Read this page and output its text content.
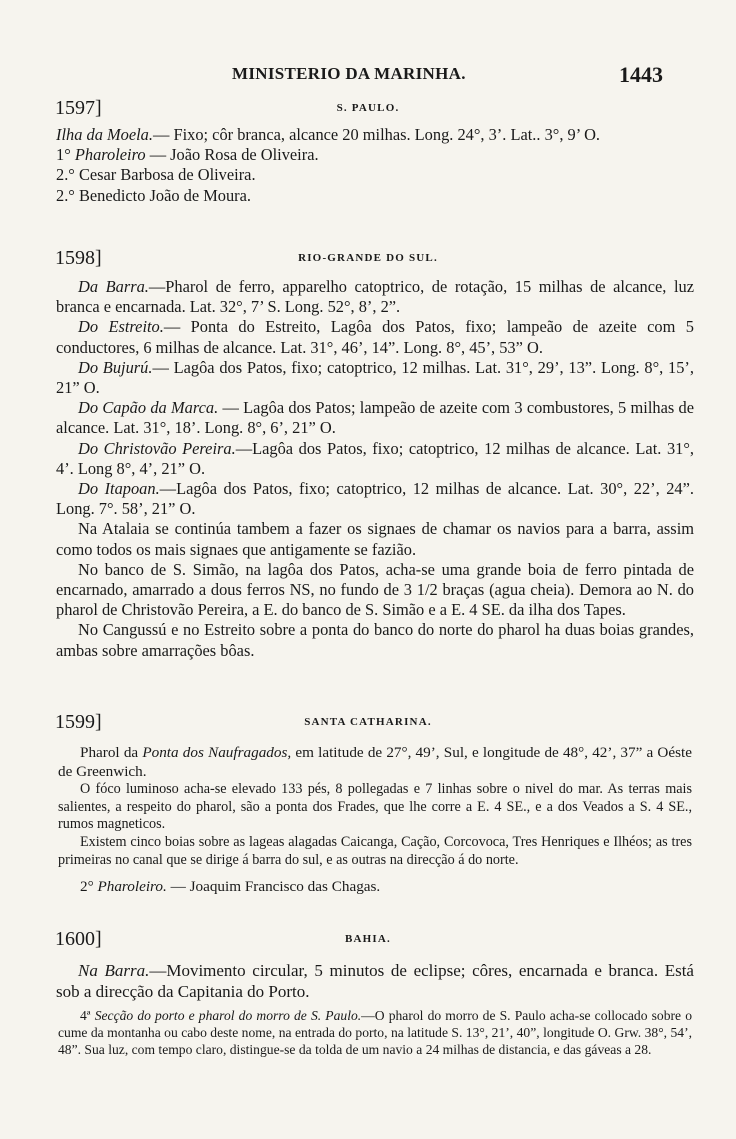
MINISTERIO DA MARINHA.	1443
1597]	S. PAULO.

Ilha da Moela.— Fixo; côr branca, alcance 20 milhas. Long. 24°, 3’. Lat.. 3°, 9’ O.

1° Pharoleiro — João Rosa de Oliveira.

2.° Cesar Barbosa de Oliveira.

2.° Benedicto João de Moura.

1598]	RIO-GRANDE DO SUL.

Da Barra.—Pharol de ferro, apparelho catoptrico, de rotação, 15 milhas de alcance, luz branca e encarnada. Lat. 32°, 7’ S. Long. 52°, 8’, 2”.

Do Estreito.— Ponta do Estreito, Lagôa dos Patos, fixo; lampeão de azeite com 5 conductores, 6 milhas de alcance. Lat. 31°, 46’, 14”. Long. 8°, 45’, 53” O.

Do Bujurú.— Lagôa dos Patos, fixo; catoptrico, 12 milhas. Lat. 31°, 29’, 13”. Long. 8°, 15’, 21” O.

Do Capão da Marca. — Lagôa dos Patos; lampeão de azeite com 3 combustores, 5 milhas de alcance. Lat. 31°, 18’. Long. 8°, 6’, 21” O.

Do Christovão Pereira.—Lagôa dos Patos, fixo; catoptrico, 12 milhas de alcance. Lat. 31°, 4’. Long 8°, 4’, 21” O.

Do Itapoan.—Lagôa dos Patos, fixo; catoptrico, 12 milhas de alcance. Lat. 30°, 22’, 24”. Long. 7°. 58’, 21” O.

Na Atalaia se continúa tambem a fazer os signaes de chamar os navios para a barra, assim como todos os mais signaes que antigamente se fazião.

No banco de S. Simão, na lagôa dos Patos, acha-se uma grande boia de ferro pintada de encarnado, amarrado a dous ferros NS, no fundo de 3 1/2 braças (agua cheia). Demora ao N. do pharol de Christovão Pereira, a E. do banco de S. Simão e a E. 4 SE. da ilha dos Tapes.

No Cangussú e no Estreito sobre a ponta do banco do norte do pharol ha duas boias grandes, ambas sobre amarrações bôas.

1599]	SANTA CATHARINA.

Pharol da Ponta dos Naufragados, em latitude de 27°, 49’, Sul, e longitude de 48°, 42’, 37” a Oéste de Greenwich.

O fóco luminoso acha-se elevado 133 pés, 8 pollegadas e 7 linhas sobre o nivel do mar. As terras mais salientes, a respeito do pharol, são a ponta dos Frades, que lhe corre a E. 4 SE., e a dos Veados a S. 4 SE., rumos magneticos.

Existem cinco boias sobre as lageas alagadas Caicanga, Cação, Corcovoca, Tres Henriques e Ilhéos; as tres primeiras no canal que se dirige á barra do sul, e as outras na direcção á do norte.

2° Pharoleiro. — Joaquim Francisco das Chagas.

1600]	BAHIA.

Na Barra.—Movimento circular, 5 minutos de eclipse; côres, encarnada e branca. Está sob a direcção da Capitania do Porto.

4ª Secção do porto e pharol do morro de S. Paulo.—O pharol do morro de S. Paulo acha-se collocado sobre o cume da montanha ou cabo deste nome, na entrada do porto, na latitude S. 13°, 21’, 40”, longitude O. Grw. 38°, 54’, 48”. Sua luz, com tempo claro, distingue-se da tolda de um navio a 24 milhas de distancia, e das gáveas a 28.
